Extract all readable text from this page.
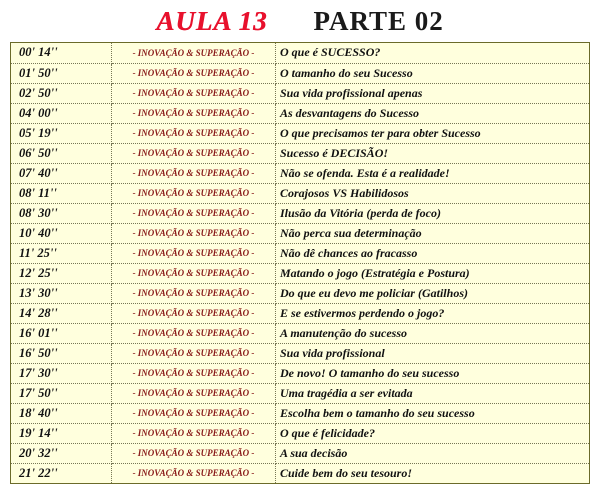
AULA 13 PARTE 02
00' 14''	- INOVAÇÃO & SUPERAÇÃO -	O que é SUCESSO?
01' 50''	- INOVAÇÃO & SUPERAÇÃO -	O tamanho do seu Sucesso
02' 50''	- INOVAÇÃO & SUPERAÇÃO -	Sua vida profissional apenas
04' 00''	- INOVAÇÃO & SUPERAÇÃO -	As desvantagens do Sucesso
05' 19''	- INOVAÇÃO & SUPERAÇÃO -	O que precisamos ter para obter Sucesso
06' 50''	- INOVAÇÃO & SUPERAÇÃO -	Sucesso é DECISÃO!
07' 40''	- INOVAÇÃO & SUPERAÇÃO -	Não se ofenda. Esta é a realidade!
08' 11''	- INOVAÇÃO & SUPERAÇÃO -	Corajosos VS Habilidosos
08' 30''	- INOVAÇÃO & SUPERAÇÃO -	Ilusão da Vitória (perda de foco)
10' 40''	- INOVAÇÃO & SUPERAÇÃO -	Não perca sua determinação
11' 25''	- INOVAÇÃO & SUPERAÇÃO -	Não dê chances ao fracasso
12' 25''	- INOVAÇÃO & SUPERAÇÃO -	Matando o jogo (Estratégia e Postura)
13' 30''	- INOVAÇÃO & SUPERAÇÃO -	Do que eu devo me policiar (Gatilhos)
14' 28''	- INOVAÇÃO & SUPERAÇÃO -	E se estivermos perdendo o jogo?
16' 01''	- INOVAÇÃO & SUPERAÇÃO -	A manutenção do sucesso
16' 50''	- INOVAÇÃO & SUPERAÇÃO -	Sua vida profissional
17' 30''	- INOVAÇÃO & SUPERAÇÃO -	De novo! O tamanho do seu sucesso
17' 50''	- INOVAÇÃO & SUPERAÇÃO -	Uma tragédia a ser evitada
18' 40''	- INOVAÇÃO & SUPERAÇÃO -	Escolha bem o tamanho do seu sucesso
19' 14''	- INOVAÇÃO & SUPERAÇÃO -	O que é felicidade?
20' 32''	- INOVAÇÃO & SUPERAÇÃO -	A sua decisão
21' 22''	- INOVAÇÃO & SUPERAÇÃO -	Cuide bem do seu tesouro!
